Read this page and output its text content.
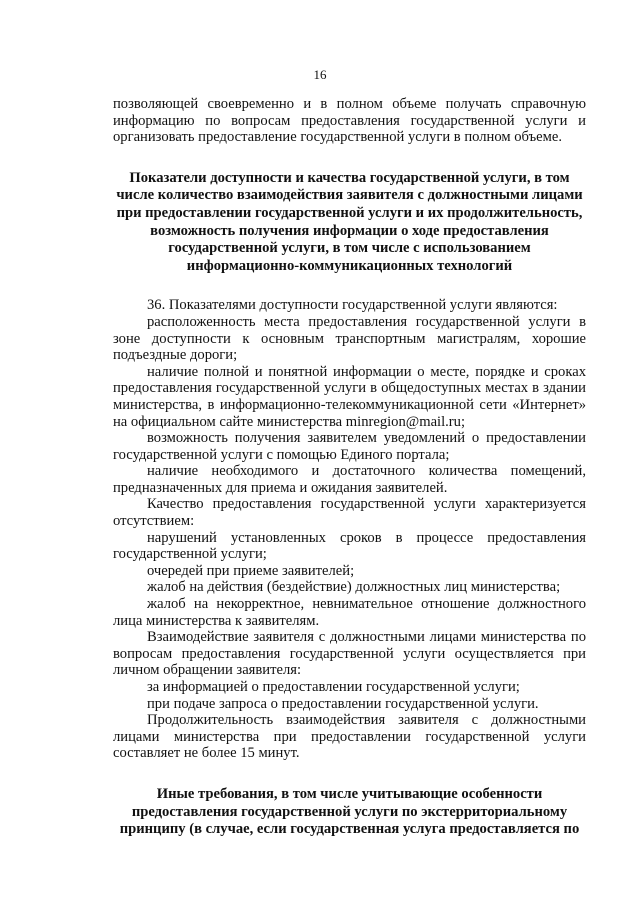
16

позволяющей своевременно и в полном объеме получать справочную информацию по вопросам предоставления государственной услуги и организовать предоставление государственной услуги в полном объеме.

Показатели доступности и качества государственной услуги, в том числе количество взаимодействия заявителя с должностными лицами при предоставлении государственной услуги и их продолжительность, возможность получения информации о ходе предоставления государственной услуги, в том числе с использованием информационно-коммуникационных технологий

36. Показателями доступности государственной услуги являются:

расположенность места предоставления государственной услуги в зоне доступности к основным транспортным магистралям, хорошие подъездные дороги;

наличие полной и понятной информации о месте, порядке и сроках предоставления государственной услуги в общедоступных местах в здании министерства, в информационно-телекоммуникационной сети «Интернет» на официальном сайте министерства minregion@mail.ru;

возможность получения заявителем уведомлений о предоставлении государственной услуги с помощью Единого портала;

наличие необходимого и достаточного количества помещений, предназначенных для приема и ожидания заявителей.

Качество предоставления государственной услуги характеризуется отсутствием:

нарушений установленных сроков в процессе предоставления государственной услуги;

очередей при приеме заявителей;

жалоб на действия (бездействие) должностных лиц министерства;

жалоб на некорректное, невнимательное отношение должностного лица министерства к заявителям.

Взаимодействие заявителя с должностными лицами министерства по вопросам предоставления государственной услуги осуществляется при личном обращении заявителя:

за информацией о предоставлении государственной услуги;

при подаче запроса о предоставлении государственной услуги.

Продолжительность взаимодействия заявителя с должностными лицами министерства при предоставлении государственной услуги составляет не более 15 минут.

Иные требования, в том числе учитывающие особенности предоставления государственной услуги по экстерриториальному принципу (в случае, если государственная услуга предоставляется по
